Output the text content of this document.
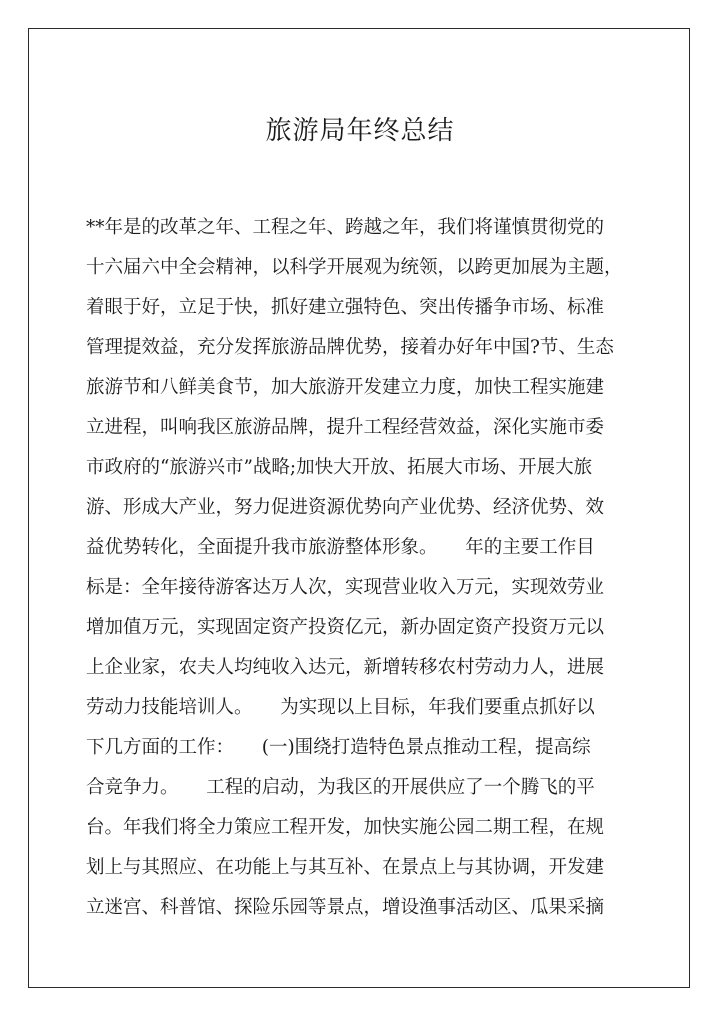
旅游局年终总结
**年是的改革之年、工程之年、跨越之年，我们将谨慎贯彻党的
十六届六中全会精神，以科学开展观为统领，以跨更加展为主题，
着眼于好，立足于快，抓好建立强特色、突出传播争市场、标准
管理提效益，充分发挥旅游品牌优势，接着办好年中国?节、生态
旅游节和八鲜美食节，加大旅游开发建立力度，加快工程实施建
立进程，叫响我区旅游品牌，提升工程经营效益，深化实施市委
市政府的“旅游兴市”战略;加快大开放、拓展大市场、开展大旅
游、形成大产业，努力促进资源优势向产业优势、经济优势、效
益优势转化，全面提升我市旅游整体形象。　　年的主要工作目
标是：全年接待游客达万人次，实现营业收入万元，实现效劳业
增加值万元，实现固定资产投资亿元，新办固定资产投资万元以
上企业家，农夫人均纯收入达元，新增转移农村劳动力人，进展
劳动力技能培训人。　　为实现以上目标，年我们要重点抓好以
下几方面的工作：　　(一)围绕打造特色景点推动工程，提高综
合竞争力。　　工程的启动，为我区的开展供应了一个腾飞的平
台。年我们将全力策应工程开发，加快实施公园二期工程，在规
划上与其照应、在功能上与其互补、在景点上与其协调，开发建
立迷宫、科普馆、探险乐园等景点，增设渔事活动区、瓜果采摘
